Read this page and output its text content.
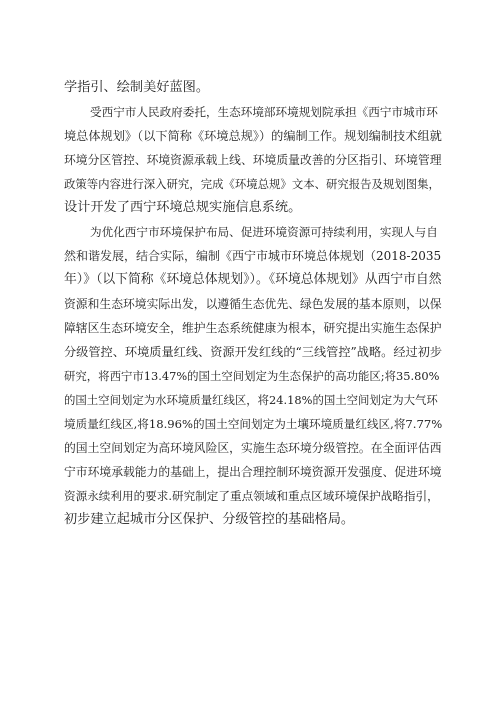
学指引、绘制美好蓝图。
受西宁市人民政府委托，生态环境部环境规划院承担《西宁市城市环
境总体规划》（以下简称《环境总规》）的编制工作。规划编制技术组就
环境分区管控、环境资源承载上线、环境质量改善的分区指引、环境管理
政策等内容进行深入研究，完成《环境总规》文本、研究报告及规划图集，
设计开发了西宁环境总规实施信息系统。
为优化西宁市环境保护布局、促进环境资源可持续利用，实现人与自
然和谐发展，结合实际，编制《西宁市城市环境总体规划（2018-2035
年）》（以下简称《环境总体规划》）。《环境总体规划》从西宁市自然
资源和生态环境实际出发，以遵循生态优先、绿色发展的基本原则，以保
障辖区生态环境安全，维护生态系统健康为根本，研究提出实施生态保护
分级管控、环境质量红线、资源开发红线的“三线管控”战略。经过初步
研究，将西宁市13.47%的国土空间划定为生态保护的高功能区;将35.80%
的国土空间划定为水环境质量红线区，将24.18%的国土空间划定为大气环
境质量红线区,将18.96%的国土空间划定为土壤环境质量红线区,将7.77%
的国土空间划定为高环境风险区，实施生态环境分级管控。在全面评估西
宁市环境承载能力的基础上，提出合理控制环境资源开发强度、促进环境
资源永续利用的要求.研究制定了重点领域和重点区域环境保护战略指引，
初步建立起城市分区保护、分级管控的基础格局。
